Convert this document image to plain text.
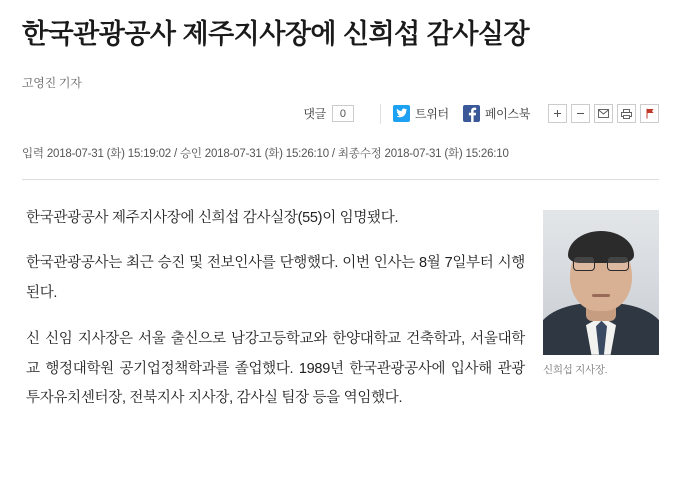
한국관광공사 제주지사장에 신희섭 감사실장
고영진 기자
댓글	0	트위터	페이스북
입력 2018-07-31 (화) 15:19:02 / 승인 2018-07-31 (화) 15:26:10 / 최종수정 2018-07-31 (화) 15:26:10
신희섭 지사장.

한국관광공사 제주지사장에 신희섭 감사실장(55)이 임명됐다.

한국관광공사는 최근 승진 및 전보인사를 단행했다. 이번 인사는 8월 7일부터 시행된다.

신 신임 지사장은 서울 출신으로 남강고등학교와 한양대학교 건축학과, 서울대학교 행정대학원 공기업정책학과를 졸업했다. 1989년 한국관광공사에 입사해 관광투자유치센터장, 전북지사 지사장, 감사실 팀장 등을 역임했다.
